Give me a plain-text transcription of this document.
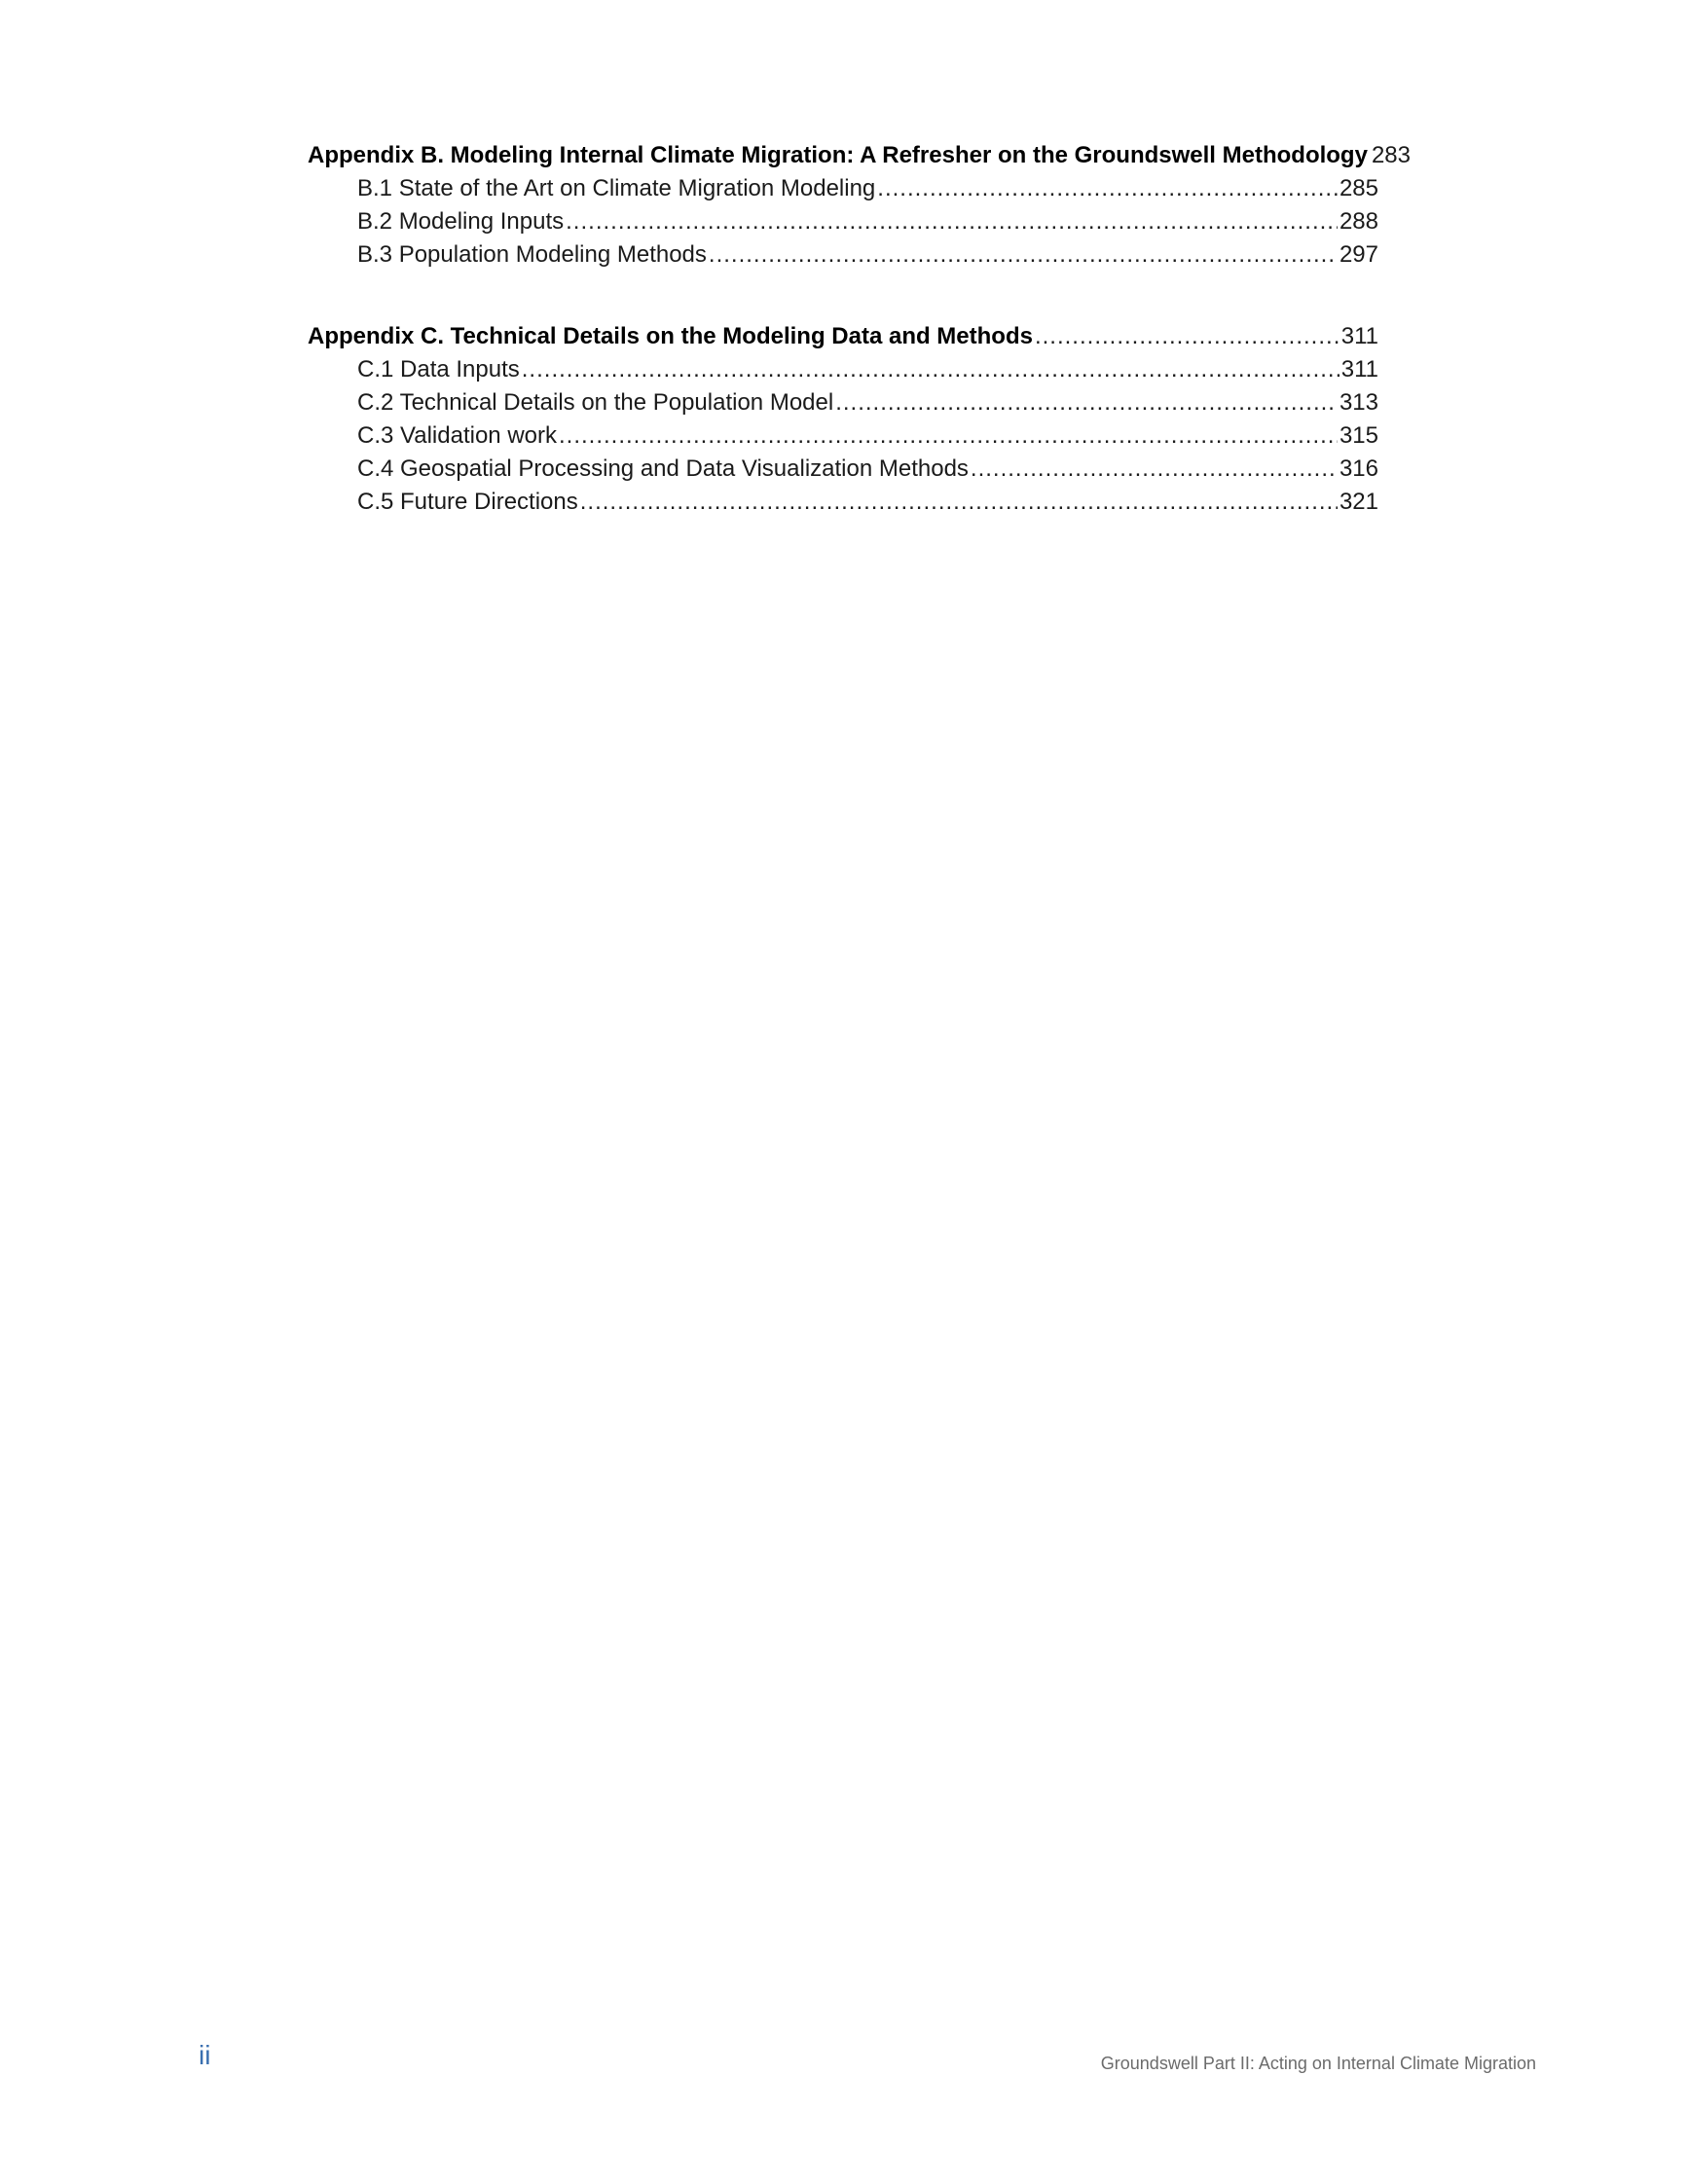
Appendix B. Modeling Internal Climate Migration: A Refresher on the Groundswell Methodology 283
B.1 State of the Art on Climate Migration Modeling .....	285
B.2 Modeling Inputs .....	288
B.3 Population Modeling Methods .....	297
Appendix C. Technical Details on the Modeling Data and Methods .....	311
C.1 Data Inputs .....	311
C.2 Technical Details on the Population Model .....	313
C.3 Validation work .....	315
C.4 Geospatial Processing and Data Visualization Methods .....	316
C.5 Future Directions .....	321
ii	Groundswell Part II: Acting on Internal Climate Migration
